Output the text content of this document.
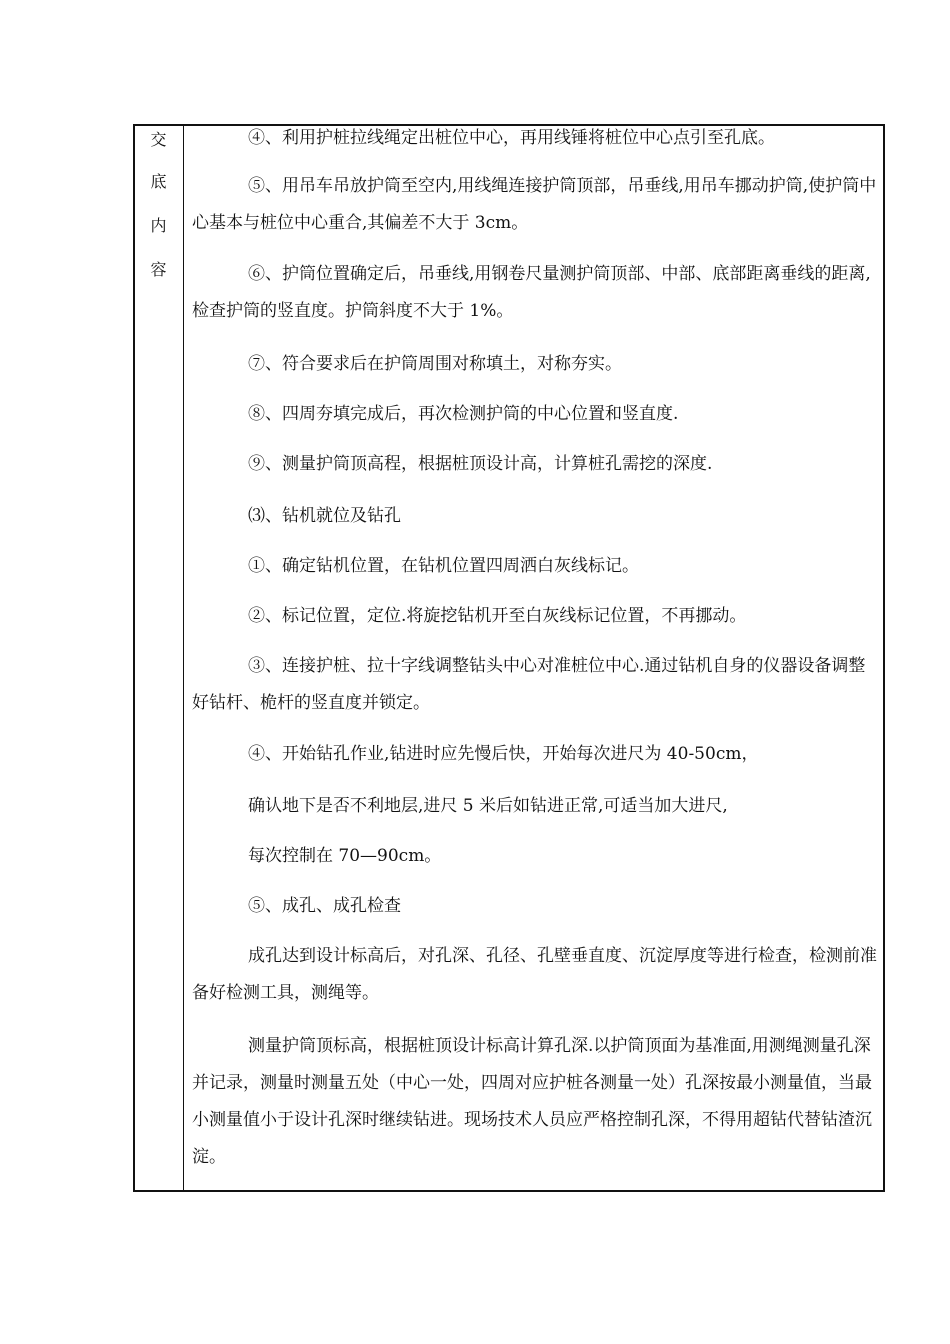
交
底
内
容

④、利用护桩拉线绳定出桩位中心，再用线锤将桩位中心点引至孔底。

⑤、用吊车吊放护筒至空内,用线绳连接护筒顶部，吊垂线,用吊车挪动护筒,使护筒中心基本与桩位中心重合,其偏差不大于 3cm。

⑥、护筒位置确定后，吊垂线,用钢卷尺量测护筒顶部、中部、底部距离垂线的距离,检查护筒的竖直度。护筒斜度不大于 1%。

⑦、符合要求后在护筒周围对称填土，对称夯实。

⑧、四周夯填完成后，再次检测护筒的中心位置和竖直度.

⑨、测量护筒顶高程，根据桩顶设计高，计算桩孔需挖的深度.

⑶、钻机就位及钻孔

①、确定钻机位置，在钻机位置四周洒白灰线标记。

②、标记位置，定位.将旋挖钻机开至白灰线标记位置，不再挪动。

③、连接护桩、拉十字线调整钻头中心对准桩位中心.通过钻机自身的仪器设备调整好钻杆、桅杆的竖直度并锁定。

④、开始钻孔作业,钻进时应先慢后快，开始每次进尺为 40-50cm，

确认地下是否不利地层,进尺 5 米后如钻进正常,可适当加大进尺,

每次控制在 70—90cm。

⑤、成孔、成孔检查

成孔达到设计标高后，对孔深、孔径、孔壁垂直度、沉淀厚度等进行检查，检测前准备好检测工具，测绳等。

测量护筒顶标高，根据桩顶设计标高计算孔深.以护筒顶面为基准面,用测绳测量孔深并记录，测量时测量五处（中心一处，四周对应护桩各测量一处）孔深按最小测量值，当最小测量值小于设计孔深时继续钻进。现场技术人员应严格控制孔深，不得用超钻代替钻渣沉淀。
